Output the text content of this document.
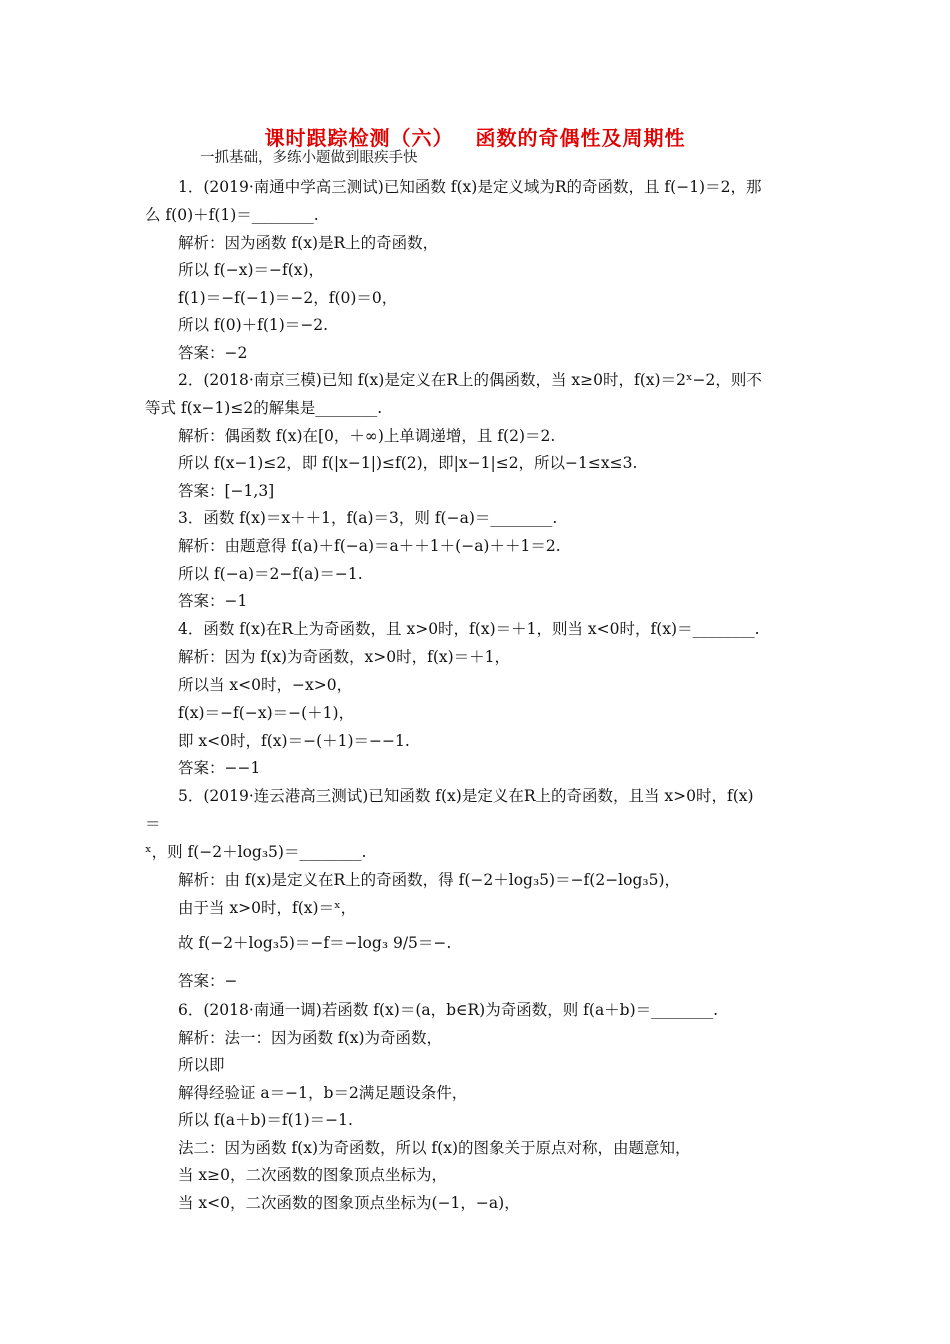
课时跟踪检测（六） 函数的奇偶性及周期性
一抓基础，多练小题做到眼疾手快
1．(2019·南通中学高三测试)已知函数 f(x)是定义域为R的奇函数，且 f(−1)＝2，那
么 f(0)＋f(1)＝________.
解析：因为函数 f(x)是R上的奇函数，
所以 f(−x)＝−f(x)，
f(1)＝−f(−1)＝−2，f(0)＝0，
所以 f(0)＋f(1)＝−2.
答案：−2
2．(2018·南京三模)已知 f(x)是定义在R上的偶函数，当 x≥0时，f(x)＝2ˣ−2，则不
等式 f(x−1)≤2的解集是________.
解析：偶函数 f(x)在[0，＋∞)上单调递增，且 f(2)＝2.
所以 f(x−1)≤2，即 f(|x−1|)≤f(2)，即|x−1|≤2，所以−1≤x≤3.
答案：[−1,3]
3．函数 f(x)＝x＋＋1，f(a)＝3，则 f(−a)＝________.
解析：由题意得 f(a)＋f(−a)＝a＋＋1＋(−a)＋＋1＝2.
所以 f(−a)＝2−f(a)＝−1.
答案：−1
4．函数 f(x)在R上为奇函数，且 x>0时，f(x)＝＋1，则当 x<0时，f(x)＝________.
解析：因为 f(x)为奇函数，x>0时，f(x)＝＋1，
所以当 x<0时，−x>0，
f(x)＝−f(−x)＝−(＋1)，
即 x<0时，f(x)＝−(＋1)＝−−1.
答案：−−1
5．(2019·连云港高三测试)已知函数 f(x)是定义在R上的奇函数，且当 x>0时，f(x)
＝
ˣ，则 f(−2＋log₃5)＝________.
解析：由 f(x)是定义在R上的奇函数，得 f(−2＋log₃5)＝−f(2−log₃5)，
由于当 x>0时，f(x)＝ˣ，
故 f(−2＋log₃5)＝−f＝−log₃ 9/5＝−.
答案：−
6．(2018·南通一调)若函数 f(x)＝(a，b∈R)为奇函数，则 f(a＋b)＝________.
解析：法一：因为函数 f(x)为奇函数，
所以即
解得经验证 a＝−1，b＝2满足题设条件，
所以 f(a＋b)＝f(1)＝−1.
法二：因为函数 f(x)为奇函数，所以 f(x)的图象关于原点对称，由题意知，
当 x≥0，二次函数的图象顶点坐标为，
当 x<0，二次函数的图象顶点坐标为(−1，−a)，
